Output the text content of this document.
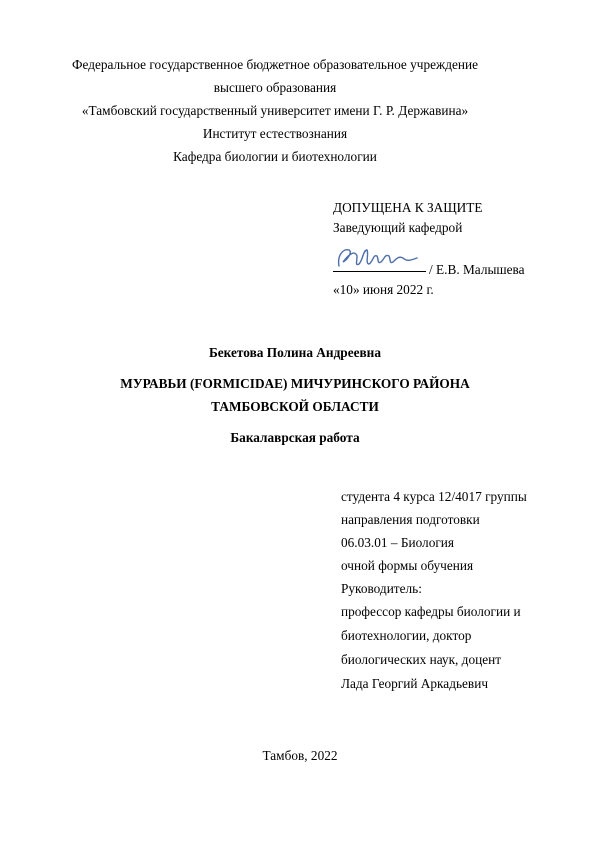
Федеральное государственное бюджетное образовательное учреждение
высшего образования
«Тамбовский государственный университет имени Г. Р. Державина»
Институт естествознания
Кафедра биологии и биотехнологии
ДОПУЩЕНА К ЗАЩИТЕ
Заведующий кафедрой
/ Е.В. Малышева
«10» июня 2022 г.
Бекетова Полина Андреевна
МУРАВЬИ (FORMICIDAE) МИЧУРИНСКОГО РАЙОНА
ТАМБОВСКОЙ ОБЛАСТИ
Бакалаврская работа
студента 4 курса 12/4017 группы
направления подготовки
06.03.01 – Биология
очной формы обучения
Руководитель:
профессор кафедры биологии и
биотехнологии, доктор
биологических наук, доцент
Лада Георгий Аркадьевич
Тамбов, 2022
